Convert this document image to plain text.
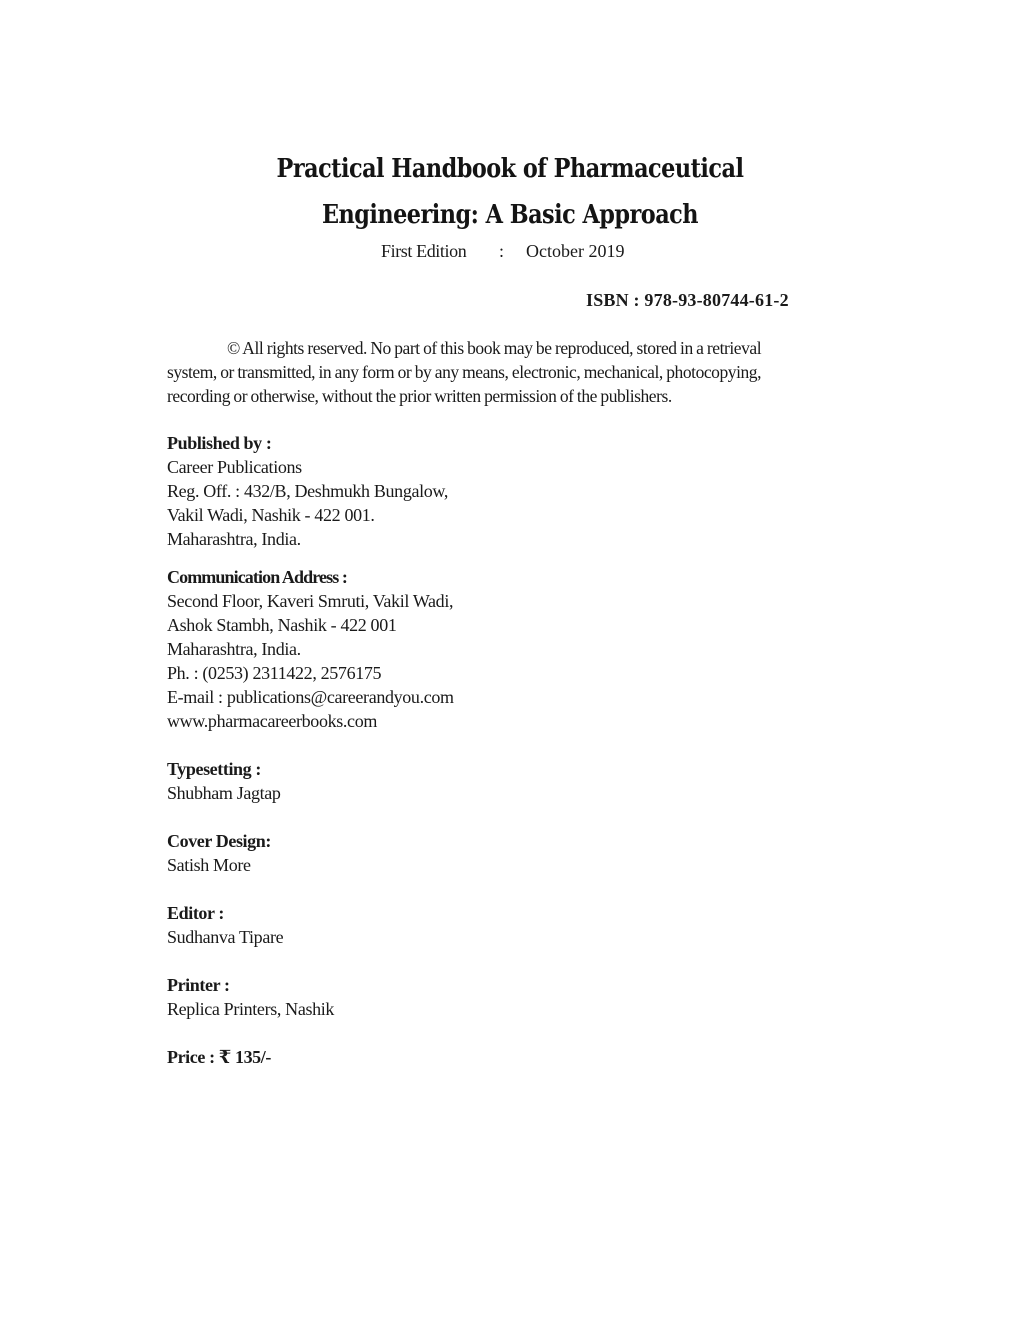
Practical Handbook of Pharmaceutical
Engineering: A Basic Approach
First Edition : October 2019
ISBN : 978-93-80744-61-2
© All rights reserved. No part of this book may be reproduced, stored in a retrieval
system, or transmitted, in any form or by any means, electronic, mechanical, photocopying,
recording or otherwise, without the prior written permission of the publishers.
Published by :
Career Publications
Reg. Off. : 432/B, Deshmukh Bungalow,
Vakil Wadi, Nashik - 422 001.
Maharashtra, India.
Communication Address :
Second Floor, Kaveri Smruti, Vakil Wadi,
Ashok Stambh, Nashik - 422 001
Maharashtra, India.
Ph. : (0253) 2311422, 2576175
E-mail : publications@careerandyou.com
www.pharmacareerbooks.com
Typesetting :
Shubham Jagtap
Cover Design:
Satish More
Editor :
Sudhanva Tipare
Printer :
Replica Printers, Nashik
Price : ₹ 135/-
